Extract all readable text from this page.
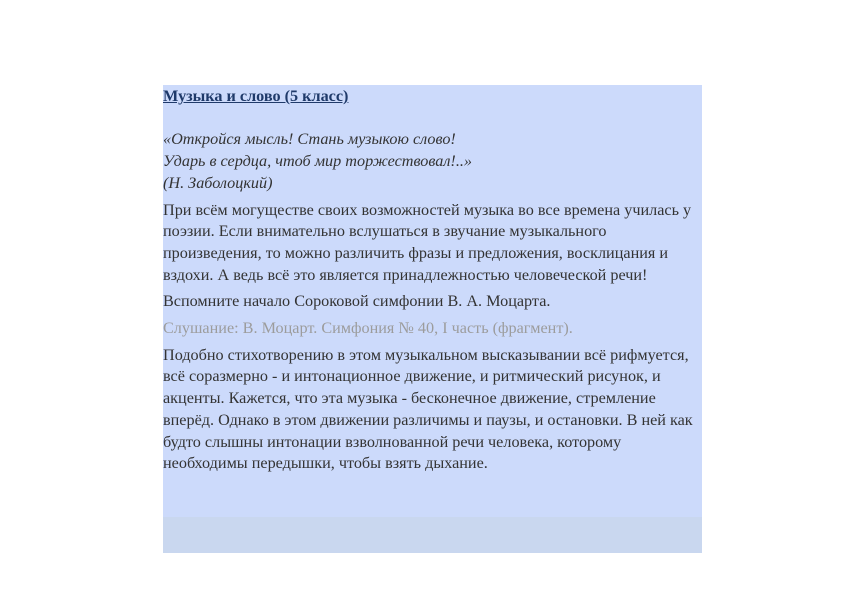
Музыка и слово (5 класс)
«Откройся мысль! Стань музыкою слово!
Ударь в сердца, чтоб мир торжествовал!..»
(Н. Заболоцкий)

При всём могуществе своих возможностей музыка во все времена училась у поэзии. Если внимательно вслушаться в звучание музыкального произведения, то можно различить фразы и предложения, восклицания и вздохи. А ведь всё это является принадлежностью человеческой речи!

Вспомните начало Сороковой симфонии В. А. Моцарта.

Слушание: В. Моцарт. Симфония № 40, I часть (фрагмент).

Подобно стихотворению в этом музыкальном высказывании всё рифмуется, всё соразмерно - и интонационное движение, и ритмический рисунок, и акценты. Кажется, что эта музыка - бесконечное движение, стремление вперёд. Однако в этом движении различимы и паузы, и остановки. В ней как будто слышны интонации взволнованной речи человека, которому необходимы передышки, чтобы взять дыхание.
